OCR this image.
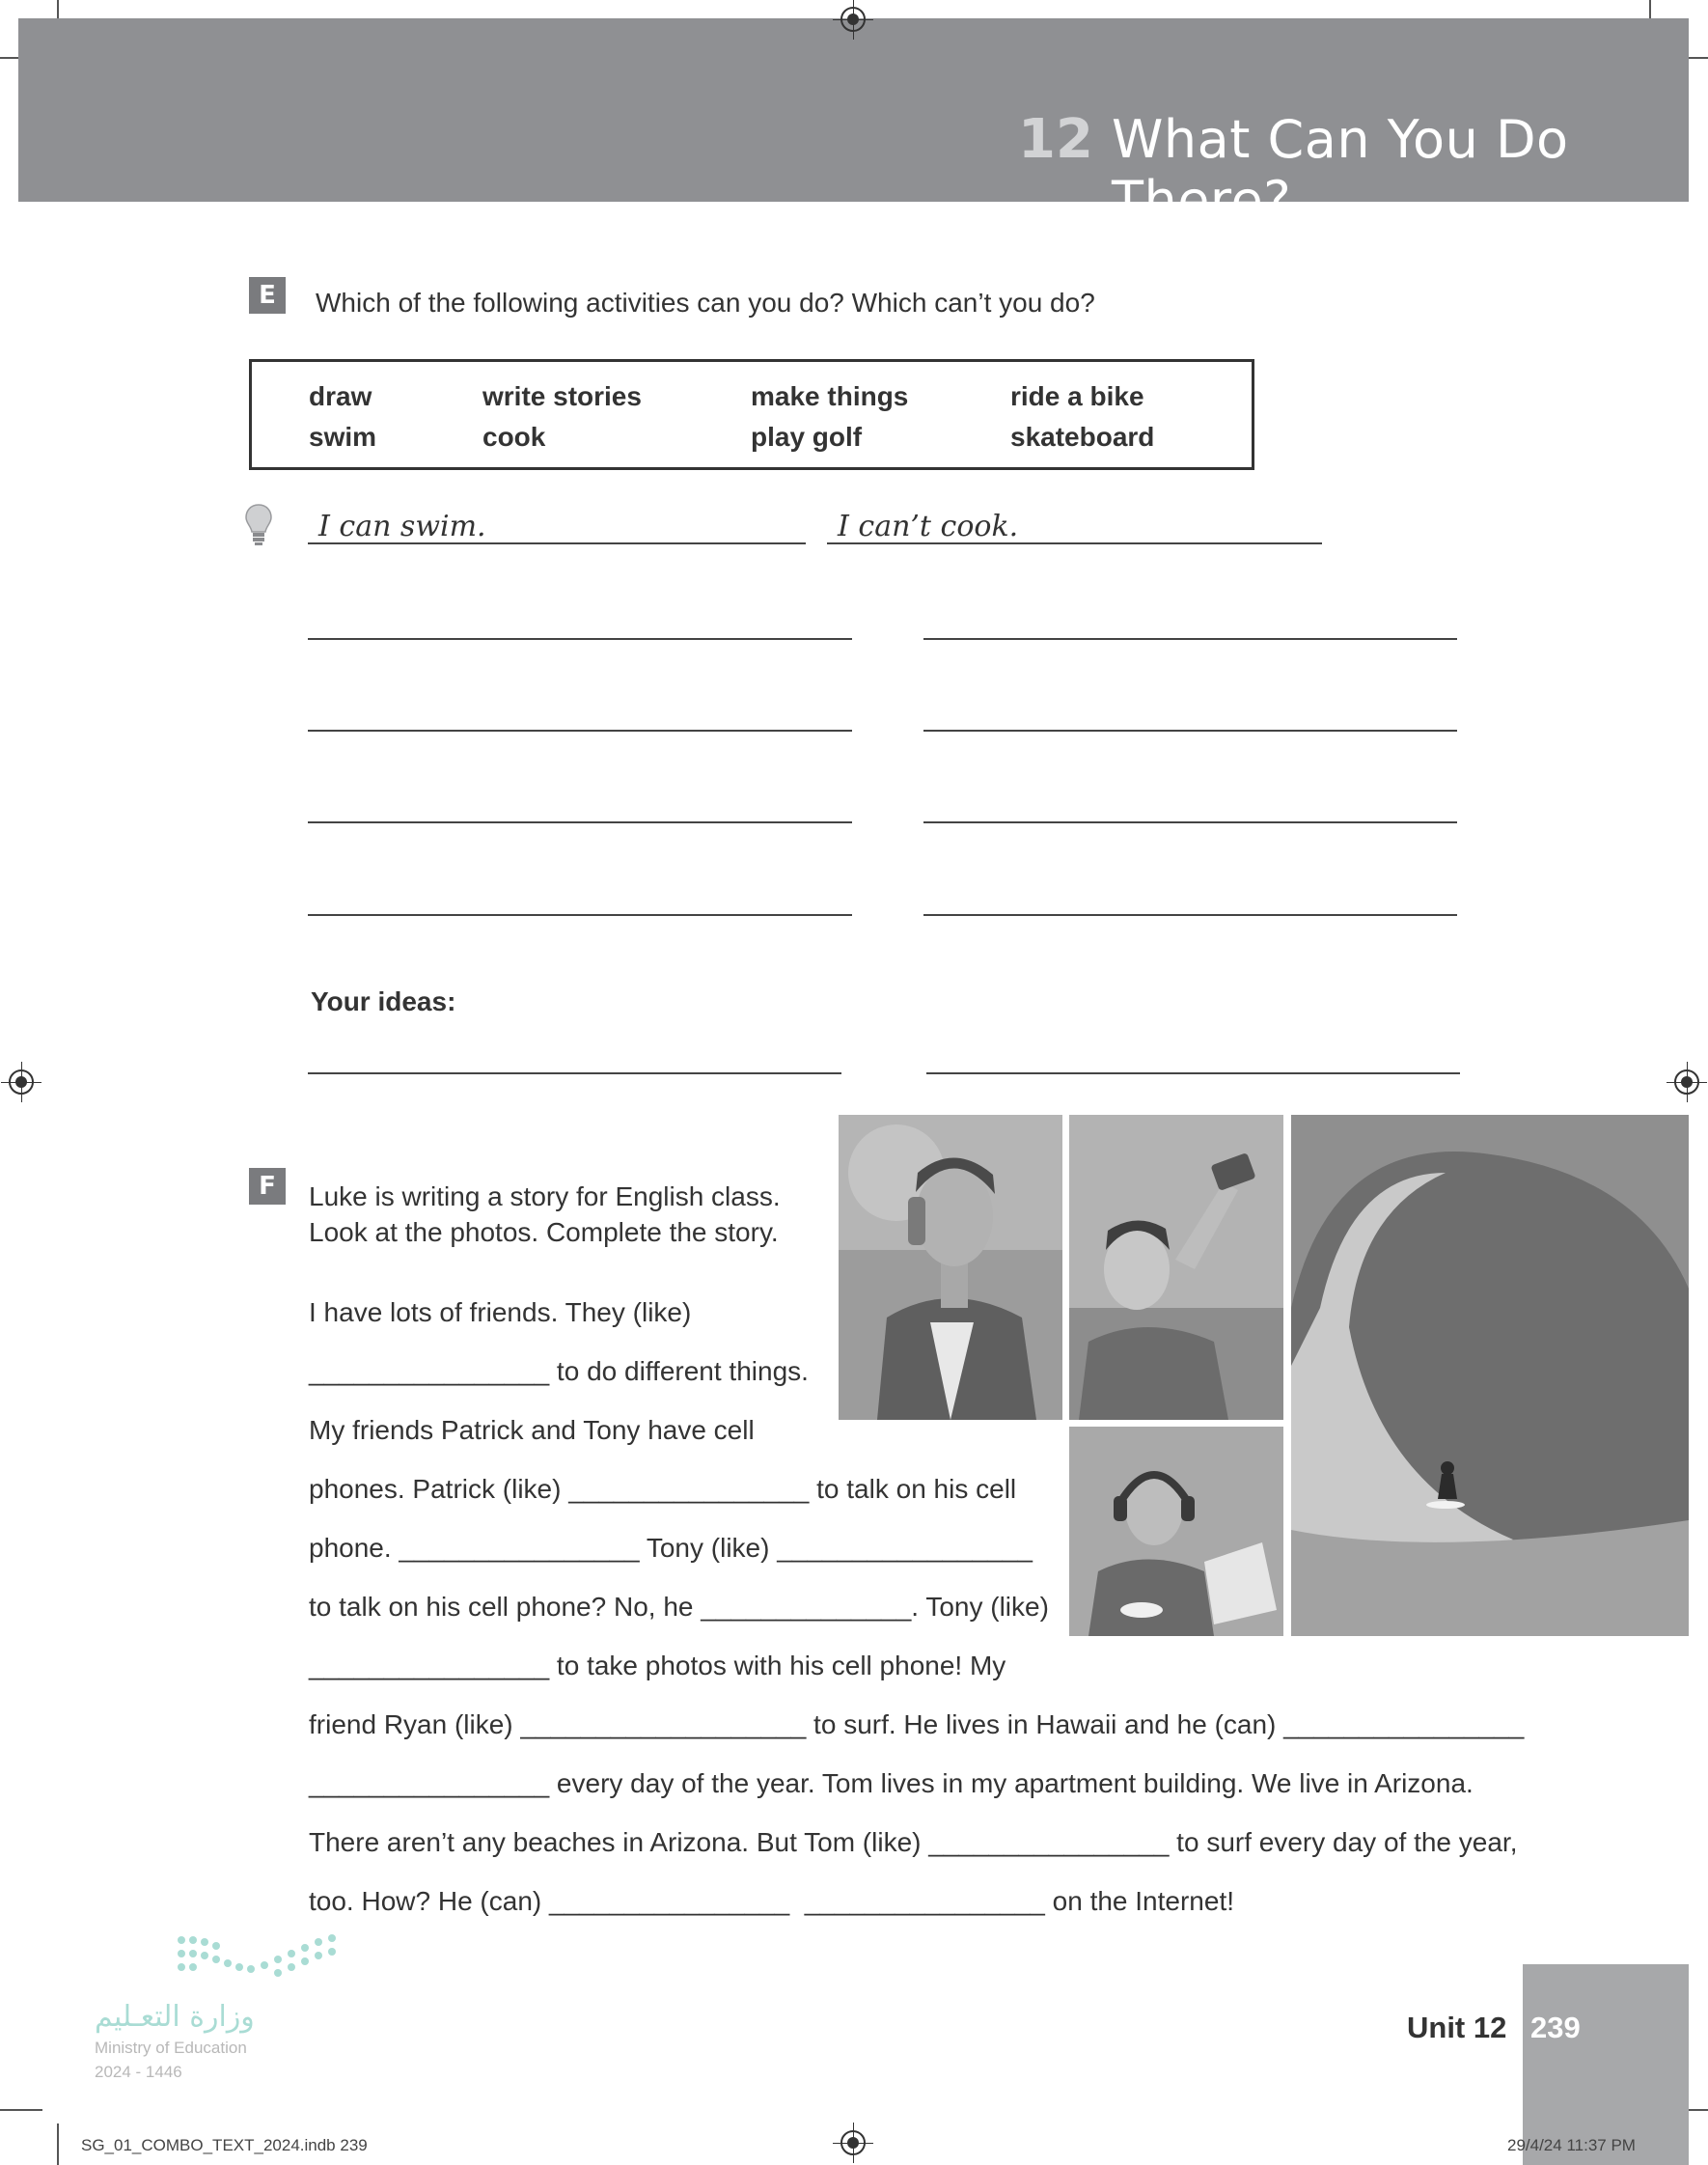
12 What Can You Do There?
E	Which of the following activities can you do? Which can’t you do?
draw	write stories	make things	ride a bike
swim	cook	play golf	skateboard
I can swim.	I can’t cook.
Your ideas:
F	Luke is writing a story for English class.
Look at the photos. Complete the story.
I have lots of friends. They (like)
________________ to do different things.
My friends Patrick and Tony have cell
phones. Patrick (like) ________________ to talk on his cell
phone. ________________ Tony (like) _________________
to talk on his cell phone? No, he ______________. Tony (like)
________________ to take photos with his cell phone! My
friend Ryan (like) ___________________ to surf. He lives in Hawaii and he (can) ________________
________________ every day of the year. Tom lives in my apartment building. We live in Arizona.
There aren’t any beaches in Arizona. But Tom (like) ________________ to surf every day of the year,
too. How? He (can) ________________  ________________ on the Internet!
وزارة التعـليم
Ministry of Education
2024 - 1446
Unit 12 239
SG_01_COMBO_TEXT_2024.indb 239	29/4/24 11:37 PM
